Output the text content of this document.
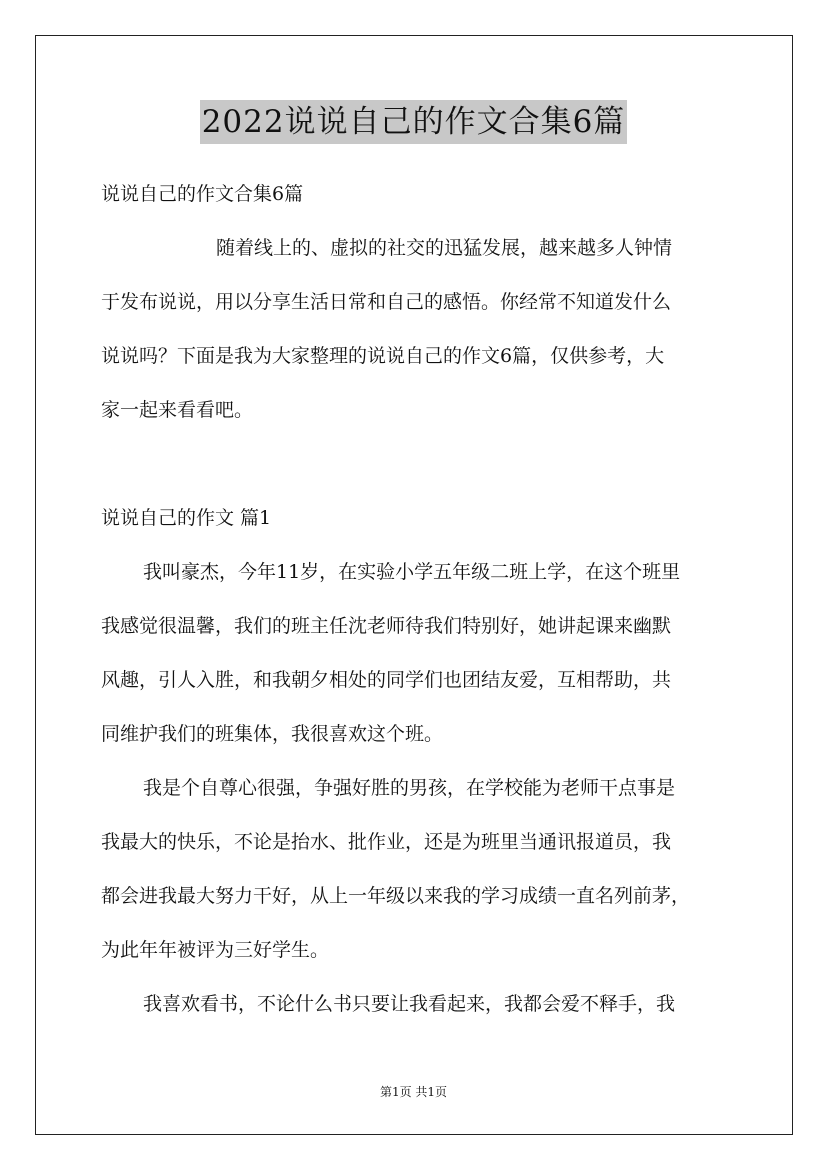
2022说说自己的作文合集6篇
说说自己的作文合集6篇
随着线上的、虚拟的社交的迅猛发展，越来越多人钟情
于发布说说，用以分享生活日常和自己的感悟。你经常不知道发什么
说说吗？下面是我为大家整理的说说自己的作文6篇，仅供参考，大
家一起来看看吧。
说说自己的作文 篇1
我叫豪杰，今年11岁，在实验小学五年级二班上学，在这个班里
我感觉很温馨，我们的班主任沈老师待我们特别好，她讲起课来幽默
风趣，引人入胜，和我朝夕相处的同学们也团结友爱，互相帮助，共
同维护我们的班集体，我很喜欢这个班。
我是个自尊心很强，争强好胜的男孩，在学校能为老师干点事是
我最大的快乐，不论是抬水、批作业，还是为班里当通讯报道员，我
都会进我最大努力干好，从上一年级以来我的学习成绩一直名列前茅，
为此年年被评为三好学生。
我喜欢看书，不论什么书只要让我看起来，我都会爱不释手，我
第1页 共1页
